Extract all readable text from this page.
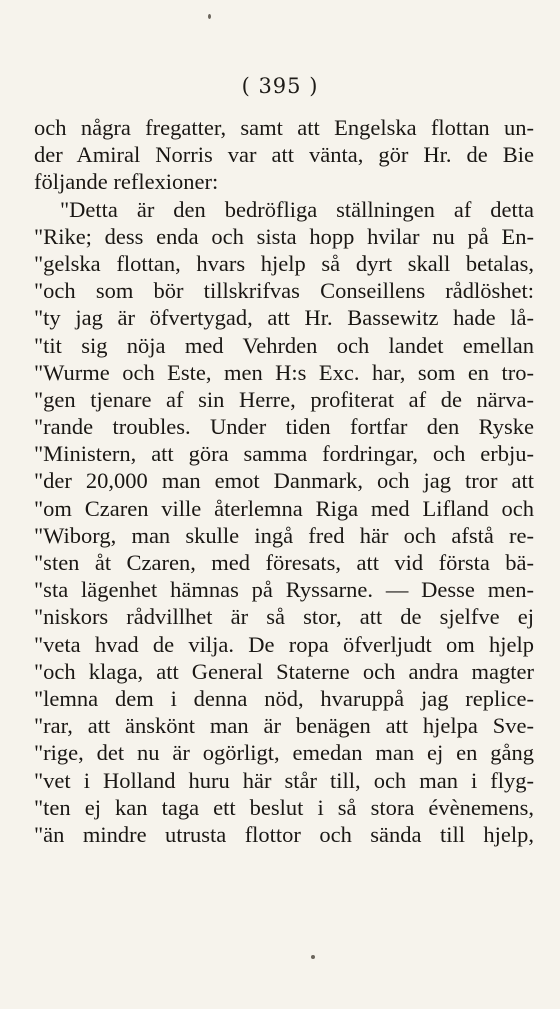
( 395 )
och några fregatter, samt att Engelska flottan un-
der Amiral Norris var att vänta, gör Hr. de Bie
följande reflexioner:
"Detta är den bedröfliga ställningen af detta
"Rike; dess enda och sista hopp hvilar nu på En-
"gelska flottan, hvars hjelp så dyrt skall betalas,
"och som bör tillskrifvas Conseillens rådlöshet:
"ty jag är öfvertygad, att Hr. Bassewitz hade lå-
"tit sig nöja med Vehrden och landet emellan
"Wurme och Este, men H:s Exc. har, som en tro-
"gen tjenare af sin Herre, profiterat af de närva-
"rande troubles. Under tiden fortfar den Ryske
"Ministern, att göra samma fordringar, och erbju-
"der 20,000 man emot Danmark, och jag tror att
"om Czaren ville återlemna Riga med Lifland och
"Wiborg, man skulle ingå fred här och afstå re-
"sten åt Czaren, med föresats, att vid första bä-
"sta lägenhet hämnas på Ryssarne. — Desse men-
"niskors rådvillhet är så stor, att de sjelfve ej
"veta hvad de vilja. De ropa öfverljudt om hjelp
"och klaga, att General Staterne och andra magter
"lemna dem i denna nöd, hvaruppå jag replice-
"rar, att änskönt man är benägen att hjelpa Sve-
"rige, det nu är ogörligt, emedan man ej en gång
"vet i Holland huru här står till, och man i flyg-
"ten ej kan taga ett beslut i så stora évènemens,
"än mindre utrusta flottor och sända till hjelp,
